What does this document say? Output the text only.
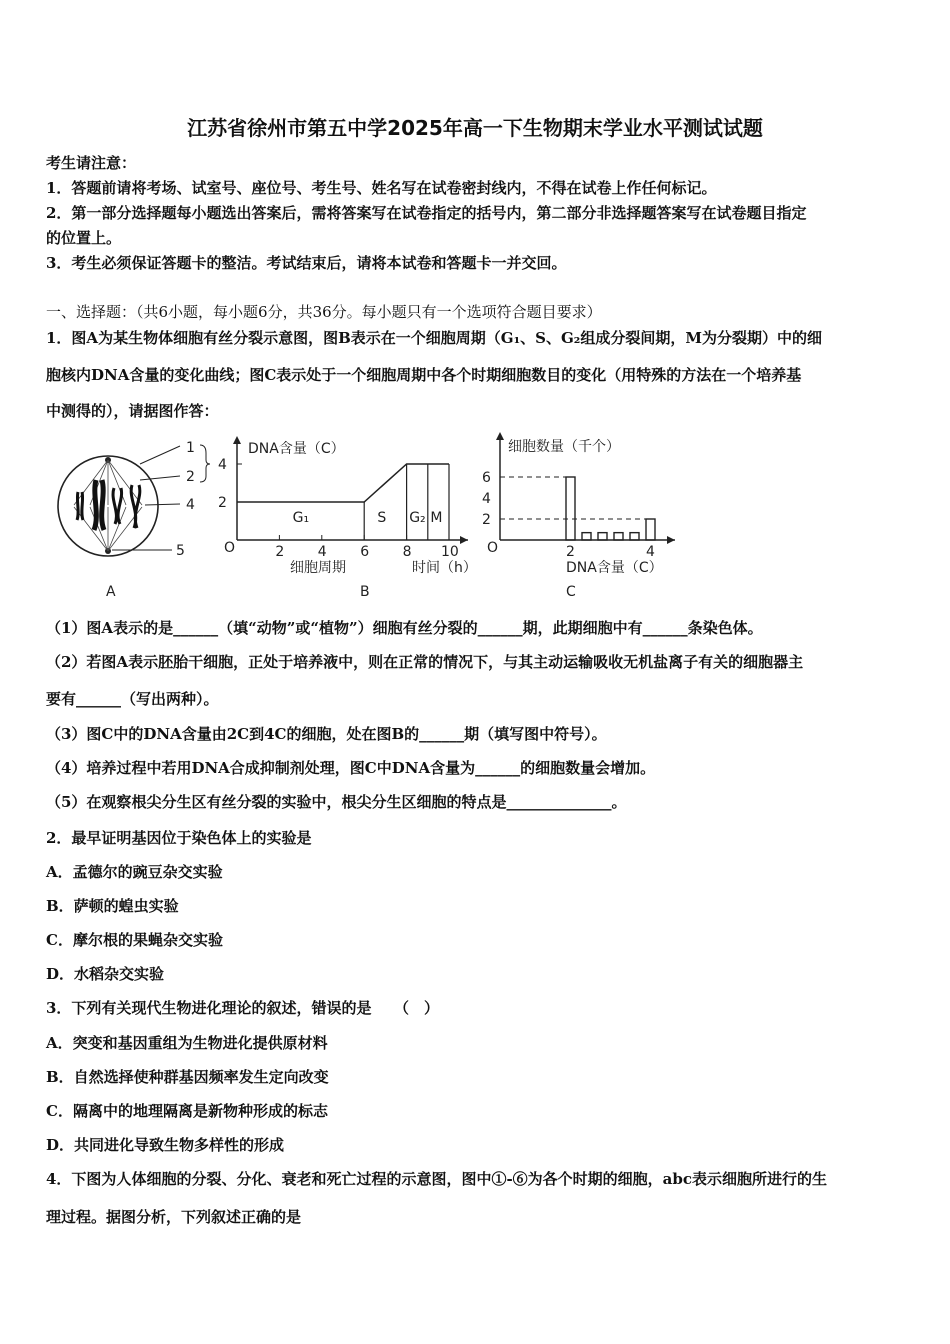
江苏省徐州市第五中学2025年高一下生物期末学业水平测试试题
考生请注意：
1．答题前请将考场、试室号、座位号、考生号、姓名写在试卷密封线内，不得在试卷上作任何标记。
2．第一部分选择题每小题选出答案后，需将答案写在试卷指定的括号内，第二部分非选择题答案写在试卷题目指定
的位置上。
3．考生必须保证答题卡的整洁。考试结束后，请将本试卷和答题卡一并交回。
一、选择题：（共6小题，每小题6分，共36分。每小题只有一个选项符合题目要求）
1．图A为某生物体细胞有丝分裂示意图，图B表示在一个细胞周期（G₁、S、G₂组成分裂间期，M为分裂期）中的细
胞核内DNA含量的变化曲线；图C表示处于一个细胞周期中各个时期细胞数目的变化（用特殊的方法在一个培养基
中测得的），请据图作答：
1
2
4
5
A
DNA含量（C）
O
4
2
2 4 6 8 10
G₁	S G₂ M
细胞周期	时间（h）
B
细胞数量（千个）
O
6
4
2
2	4
DNA含量（C）
C
（1）图A表示的是______（填“动物”或“植物”）细胞有丝分裂的______期，此期细胞中有______条染色体。
（2）若图A表示胚胎干细胞，正处于培养液中，则在正常的情况下，与其主动运输吸收无机盐离子有关的细胞器主
要有______（写出两种）。
（3）图C中的DNA含量由2C到4C的细胞，处在图B的______期（填写图中符号）。
（4）培养过程中若用DNA合成抑制剂处理，图C中DNA含量为______的细胞数量会增加。
（5）在观察根尖分生区有丝分裂的实验中，根尖分生区细胞的特点是______________。
2．最早证明基因位于染色体上的实验是
A．孟德尔的豌豆杂交实验
B．萨顿的蝗虫实验
C．摩尔根的果蝇杂交实验
D．水稻杂交实验
3．下列有关现代生物进化理论的叙述，错误的是　　（　）
A．突变和基因重组为生物进化提供原材料
B．自然选择使种群基因频率发生定向改变
C．隔离中的地理隔离是新物种形成的标志
D．共同进化导致生物多样性的形成
4．下图为人体细胞的分裂、分化、衰老和死亡过程的示意图，图中①-⑥为各个时期的细胞，abc表示细胞所进行的生
理过程。据图分析，下列叙述正确的是
